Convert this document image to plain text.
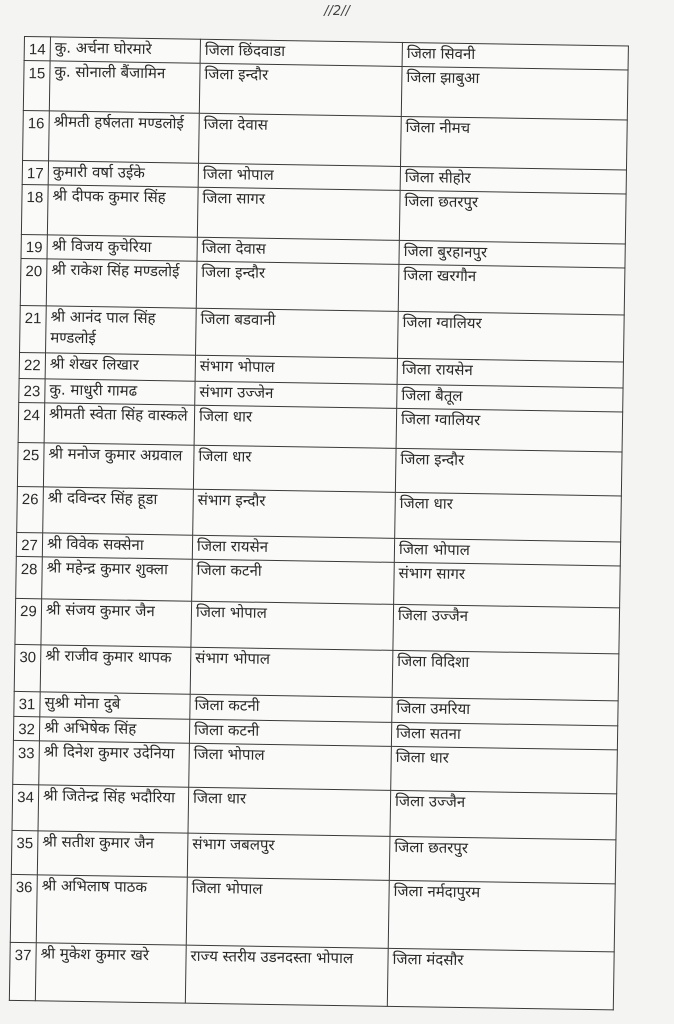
//2//
14	कु. अर्चना घोरमारे	जिला छिंदवाडा	जिला सिवनी
15	कु. सोनाली बैंजामिन	जिला इन्दौर	जिला झाबुआ
16	श्रीमती हर्षलता मण्डलोई	जिला देवास	जिला नीमच
17	कुमारी वर्षा उईके	जिला भोपाल	जिला सीहोर
18	श्री दीपक कुमार सिंह	जिला सागर	जिला छतरपुर
19	श्री विजय कुचेरिया	जिला देवास	जिला बुरहानपुर
20	श्री राकेश सिंह मण्डलोई	जिला इन्दौर	जिला खरगौन
21	श्री आनंद पाल सिंह मण्डलोई	जिला बडवानी	जिला ग्वालियर
22	श्री शेखर लिखार	संभाग भोपाल	जिला रायसेन
23	कु. माधुरी गामढ	संभाग उज्जेन	जिला बैतूल
24	श्रीमती स्वेता सिंह वास्कले	जिला धार	जिला ग्वालियर
25	श्री मनोज कुमार अग्रवाल	जिला धार	जिला इन्दौर
26	श्री दविन्दर सिंह हूडा	संभाग इन्दौर	जिला धार
27	श्री विवेक सक्सेना	जिला रायसेन	जिला भोपाल
28	श्री महेन्द्र कुमार शुक्ला	जिला कटनी	संभाग सागर
29	श्री संजय कुमार जैन	जिला भोपाल	जिला उज्जैन
30	श्री राजीव कुमार थापक	संभाग भोपाल	जिला विदिशा
31	सुश्री मोना दुबे	जिला कटनी	जिला उमरिया
32	श्री अभिषेक सिंह	जिला कटनी	जिला सतना
33	श्री दिनेश कुमार उदेनिया	जिला भोपाल	जिला धार
34	श्री जितेन्द्र सिंह भदौरिया	जिला धार	जिला उज्जैन
35	श्री सतीश कुमार जैन	संभाग जबलपुर	जिला छतरपुर
36	श्री अभिलाष पाठक	जिला भोपाल	जिला नर्मदापुरम
37	श्री मुकेश कुमार खरे	राज्य स्तरीय उडनदस्ता भोपाल	जिला मंदसौर
